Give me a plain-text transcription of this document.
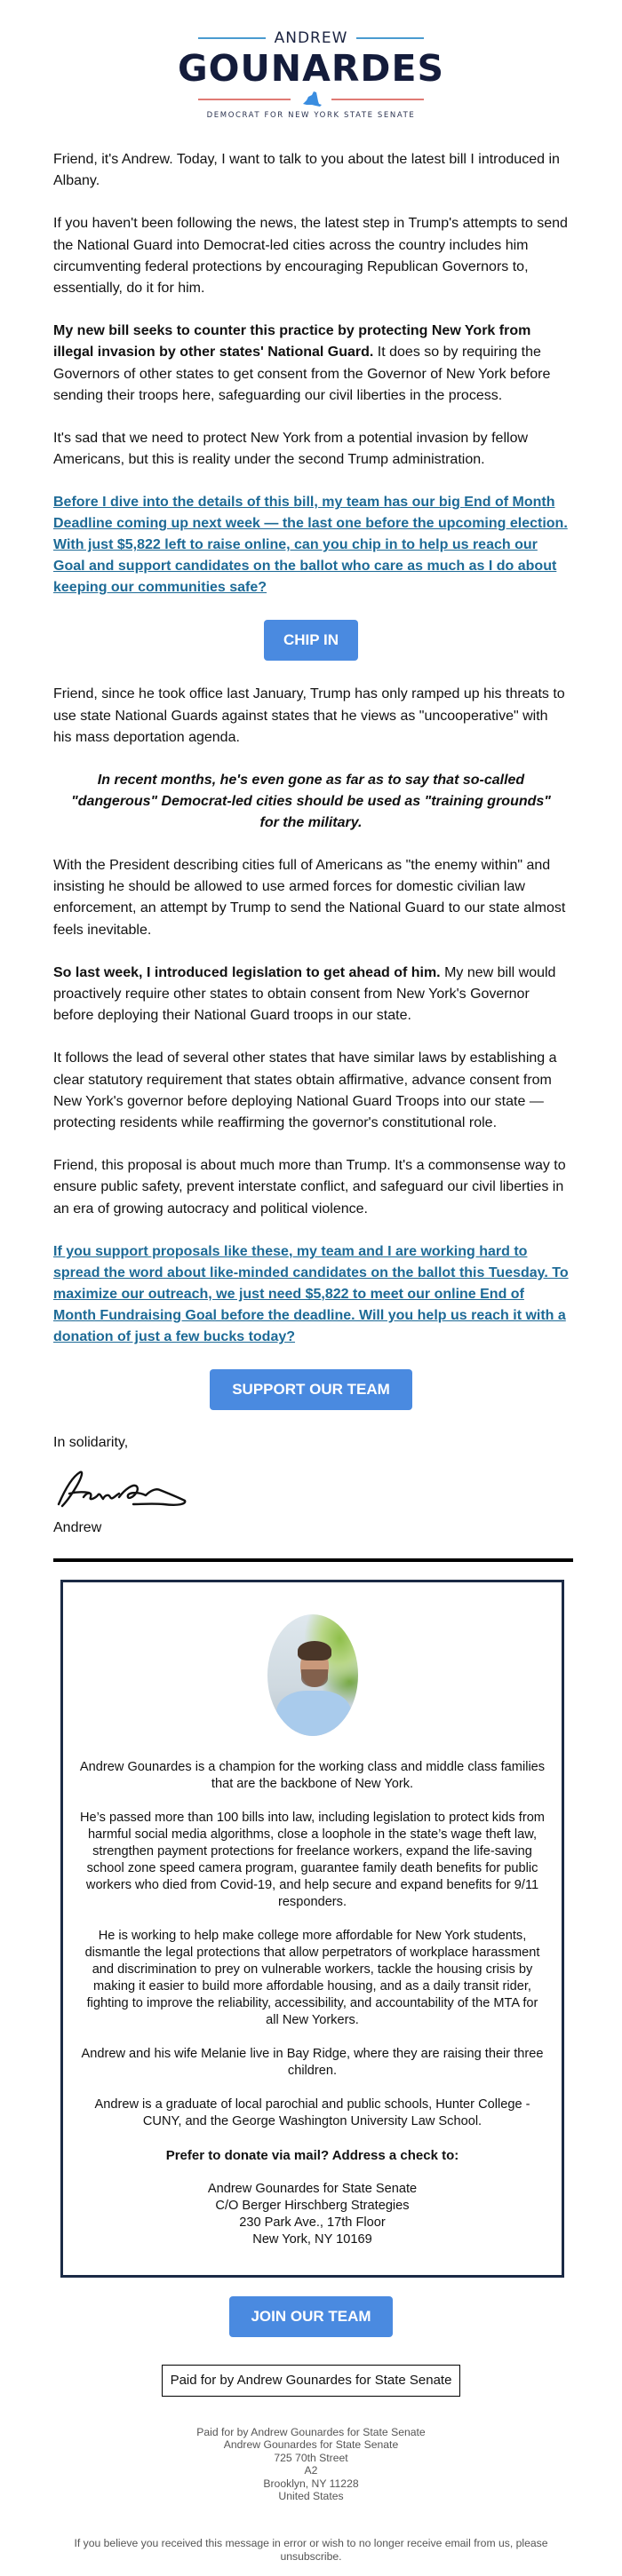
ANDREW
GOUNARDES
DEMOCRAT FOR NEW YORK STATE SENATE

Friend, it's Andrew. Today, I want to talk to you about the latest bill I introduced in Albany.

If you haven't been following the news, the latest step in Trump's attempts to send the National Guard into Democrat-led cities across the country includes him circumventing federal protections by encouraging Republican Governors to, essentially, do it for him.

My new bill seeks to counter this practice by protecting New York from illegal invasion by other states' National Guard. It does so by requiring the Governors of other states to get consent from the Governor of New York before sending their troops here, safeguarding our civil liberties in the process.

It's sad that we need to protect New York from a potential invasion by fellow Americans, but this is reality under the second Trump administration.

Before I dive into the details of this bill, my team has our big End of Month Deadline coming up next week — the last one before the upcoming election. With just $5,822 left to raise online, can you chip in to help us reach our Goal and support candidates on the ballot who care as much as I do about keeping our communities safe?
CHIP IN

Friend, since he took office last January, Trump has only ramped up his threats to use state National Guards against states that he views as "uncooperative" with his mass deportation agenda.

In recent months, he's even gone as far as to say that so-called "dangerous" Democrat-led cities should be used as "training grounds" for the military.

With the President describing cities full of Americans as "the enemy within" and insisting he should be allowed to use armed forces for domestic civilian law enforcement, an attempt by Trump to send the National Guard to our state almost feels inevitable.

So last week, I introduced legislation to get ahead of him. My new bill would proactively require other states to obtain consent from New York's Governor before deploying their National Guard troops in our state.

It follows the lead of several other states that have similar laws by establishing a clear statutory requirement that states obtain affirmative, advance consent from New York's governor before deploying National Guard Troops into our state — protecting residents while reaffirming the governor's constitutional role.

Friend, this proposal is about much more than Trump. It's a commonsense way to ensure public safety, prevent interstate conflict, and safeguard our civil liberties in an era of growing autocracy and political violence.

If you support proposals like these, my team and I are working hard to spread the word about like-minded candidates on the ballot this Tuesday. To maximize our outreach, we just need $5,822 to meet our online End of Month Fundraising Goal before the deadline. Will you help us reach it with a donation of just a few bucks today?
SUPPORT OUR TEAM

In solidarity,

Andrew

Andrew Gounardes is a champion for the working class and middle class families that are the backbone of New York.

He’s passed more than 100 bills into law, including legislation to protect kids from harmful social media algorithms, close a loophole in the state’s wage theft law, strengthen payment protections for freelance workers, expand the life-saving school zone speed camera program, guarantee family death benefits for public workers who died from Covid-19, and help secure and expand benefits for 9/11 responders.

He is working to help make college more affordable for New York students, dismantle the legal protections that allow perpetrators of workplace harassment and discrimination to prey on vulnerable workers, tackle the housing crisis by making it easier to build more affordable housing, and as a daily transit rider, fighting to improve the reliability, accessibility, and accountability of the MTA for all New Yorkers.

Andrew and his wife Melanie live in Bay Ridge, where they are raising their three children.

Andrew is a graduate of local parochial and public schools, Hunter College - CUNY, and the George Washington University Law School.

Prefer to donate via mail? Address a check to:

Andrew Gounardes for State Senate
C/O Berger Hirschberg Strategies
230 Park Ave., 17th Floor
New York, NY 10169
JOIN OUR TEAM
Paid for by Andrew Gounardes for State Senate
Paid for by Andrew Gounardes for State Senate
Andrew Gounardes for State Senate
725 70th Street
A2
Brooklyn, NY 11228
United States

If you believe you received this message in error or wish to no longer receive email from us, please unsubscribe.
